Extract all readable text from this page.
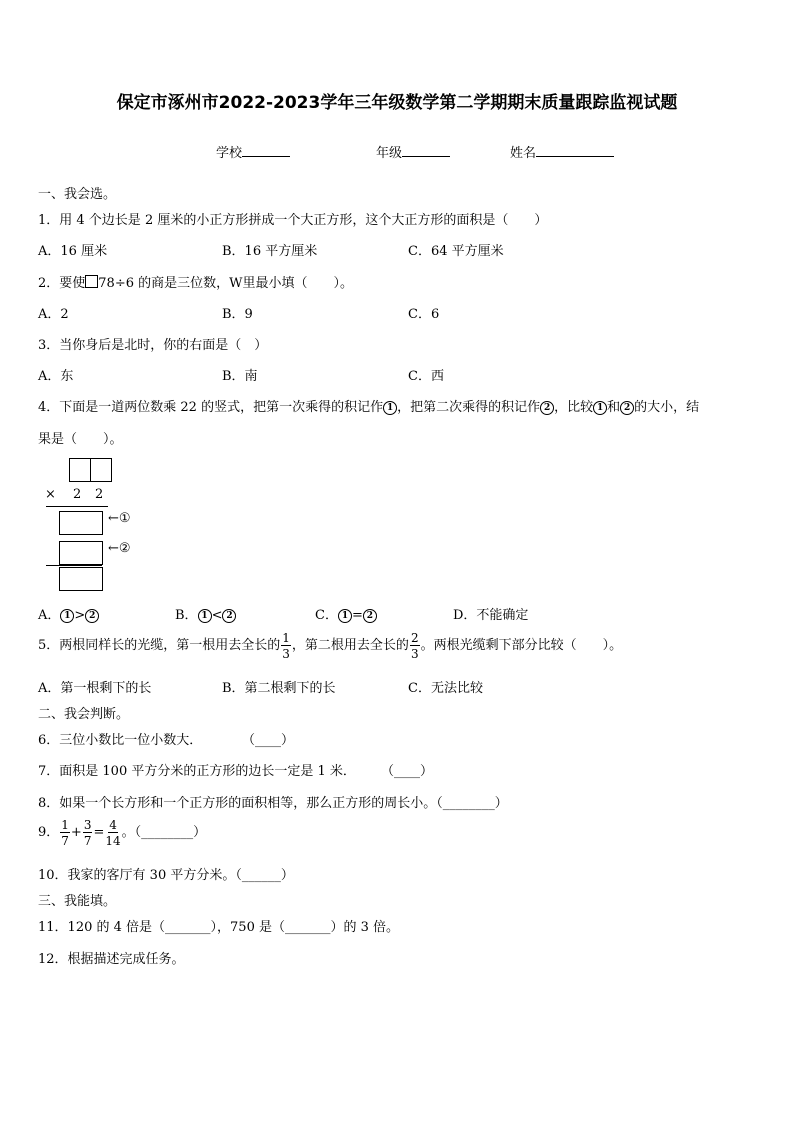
保定市涿州市2022-2023学年三年级数学第二学期期末质量跟踪监视试题
学校	年级	姓名
一、我会选。
1．用 4 个边长是 2 厘米的小正方形拼成一个大正方形，这个大正方形的面积是（　　）
A．16 厘米	B．16 平方厘米	C．64 平方厘米
2．要使 78÷6 的商是三位数，W里最小填（　　）。
A．2	B．9	C．6
3．当你身后是北时，你的右面是（　）
A．东	B．南	C．西
4．下面是一道两位数乘 22 的竖式，把第一次乘得的积记作 1 ，把第二次乘得的积记作 2 ，比较 1 和 2 的大小，结
果是（　　）。
× 2 2
←①
←②
A． 1 > 2	B． 1 < 2	C． 1 = 2	D．不能确定
5．两根同样长的光缆，第一根用去全长的 $\frac{1}{3}$ ，第二根用去全长的 $\frac{2}{3}$ 。两根光缆剩下部分比较（　　）。
A．第一根剩下的长	B．第二根剩下的长	C．无法比较
二、我会判断。
6．三位小数比一位小数大．	（____）
7．面积是 100 平方分米的正方形的边长一定是 1 米． （____）
8．如果一个长方形和一个正方形的面积相等，那么正方形的周长小。（________）
9． $\frac{1}{7} + \frac{3}{7} = \frac{4}{14}$ 。（________）
10．我家的客厅有 30 平方分米。（______）
三、我能填。
11．120 的 4 倍是（_______），750 是（_______）的 3 倍。
12．根据描述完成任务。
